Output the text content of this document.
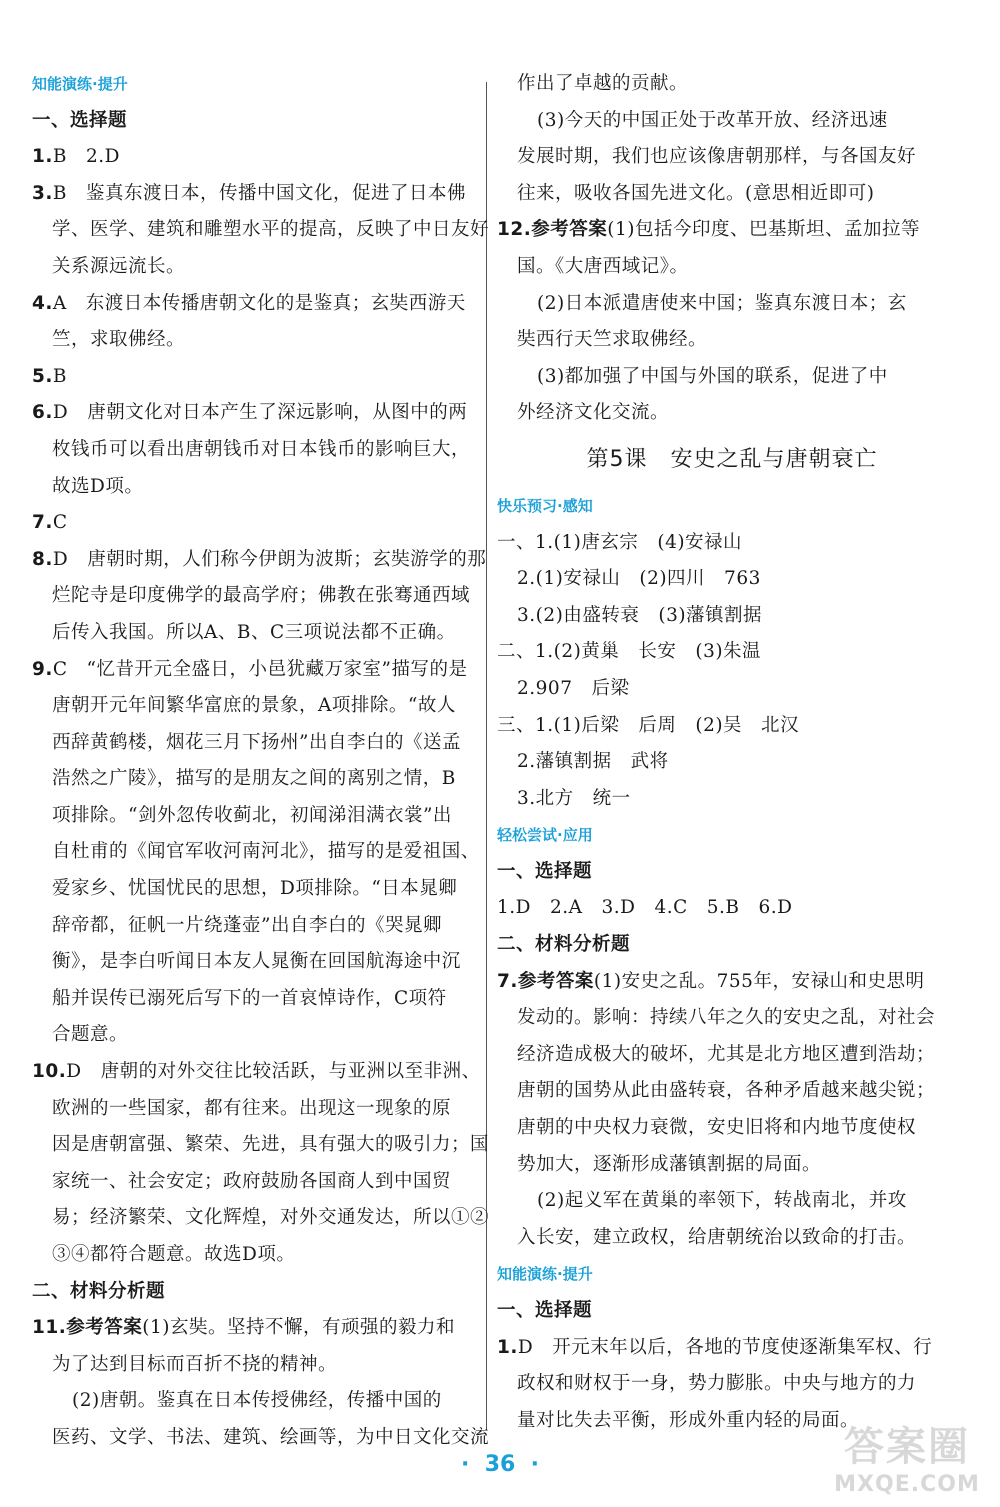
知能演练·提升
一、选择题
1.B　2.D
3.B　鉴真东渡日本，传播中国文化，促进了日本佛
学、医学、建筑和雕塑水平的提高，反映了中日友好
关系源远流长。
4.A　东渡日本传播唐朝文化的是鉴真；玄奘西游天
竺，求取佛经。
5.B
6.D　唐朝文化对日本产生了深远影响，从图中的两
枚钱币可以看出唐朝钱币对日本钱币的影响巨大，
故选D项。
7.C
8.D　唐朝时期，人们称今伊朗为波斯；玄奘游学的那
烂陀寺是印度佛学的最高学府；佛教在张骞通西域
后传入我国。所以A、B、C三项说法都不正确。
9.C　“忆昔开元全盛日，小邑犹藏万家室”描写的是
唐朝开元年间繁华富庶的景象，A项排除。“故人
西辞黄鹤楼，烟花三月下扬州”出自李白的《送孟
浩然之广陵》，描写的是朋友之间的离别之情，B
项排除。“剑外忽传收蓟北，初闻涕泪满衣裳”出
自杜甫的《闻官军收河南河北》，描写的是爱祖国、
爱家乡、忧国忧民的思想，D项排除。“日本晁卿
辞帝都，征帆一片绕蓬壶”出自李白的《哭晁卿
衡》，是李白听闻日本友人晁衡在回国航海途中沉
船并误传已溺死后写下的一首哀悼诗作，C项符
合题意。
10.D　唐朝的对外交往比较活跃，与亚洲以至非洲、
欧洲的一些国家，都有往来。出现这一现象的原
因是唐朝富强、繁荣、先进，具有强大的吸引力；国
家统一、社会安定；政府鼓励各国商人到中国贸
易；经济繁荣、文化辉煌，对外交通发达，所以①②
③④都符合题意。故选D项。
二、材料分析题
11.参考答案(1)玄奘。坚持不懈，有顽强的毅力和
为了达到目标而百折不挠的精神。
(2)唐朝。鉴真在日本传授佛经，传播中国的
医药、文学、书法、建筑、绘画等，为中日文化交流
作出了卓越的贡献。
(3)今天的中国正处于改革开放、经济迅速
发展时期，我们也应该像唐朝那样，与各国友好
往来，吸收各国先进文化。(意思相近即可)
12.参考答案(1)包括今印度、巴基斯坦、孟加拉等
国。《大唐西域记》。
(2)日本派遣唐使来中国；鉴真东渡日本；玄
奘西行天竺求取佛经。
(3)都加强了中国与外国的联系，促进了中
外经济文化交流。
第5课　安史之乱与唐朝衰亡
快乐预习·感知
一、1.(1)唐玄宗　(4)安禄山
2.(1)安禄山　(2)四川　763
3.(2)由盛转衰　(3)藩镇割据
二、1.(2)黄巢　长安　(3)朱温
2.907　后梁
三、1.(1)后梁　后周　(2)吴　北汉
2.藩镇割据　武将
3.北方　统一
轻松尝试·应用
一、选择题
1.D　2.A　3.D　4.C　5.B　6.D
二、材料分析题
7.参考答案(1)安史之乱。755年，安禄山和史思明
发动的。影响：持续八年之久的安史之乱，对社会
经济造成极大的破坏，尤其是北方地区遭到浩劫；
唐朝的国势从此由盛转衰，各种矛盾越来越尖锐；
唐朝的中央权力衰微，安史旧将和内地节度使权
势加大，逐渐形成藩镇割据的局面。
(2)起义军在黄巢的率领下，转战南北，并攻
入长安，建立政权，给唐朝统治以致命的打击。
知能演练·提升
一、选择题
1.D　开元末年以后，各地的节度使逐渐集军权、行
政权和财权于一身，势力膨胀。中央与地方的力
量对比失去平衡，形成外重内轻的局面。
·  36  ·	答案圈
MXQE.COM
